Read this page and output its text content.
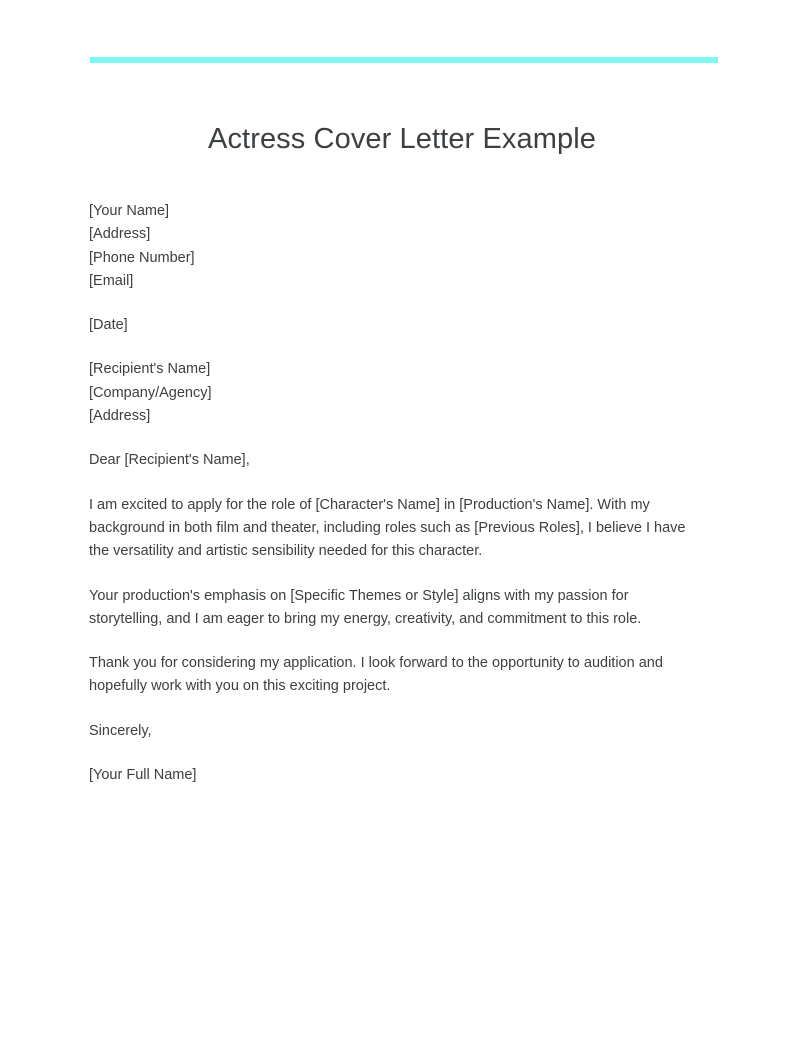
Actress Cover Letter Example
[Your Name]
[Address]
[Phone Number]
[Email]
[Date]
[Recipient's Name]
[Company/Agency]
[Address]

Dear [Recipient's Name],

I am excited to apply for the role of [Character's Name] in [Production's Name]. With my background in both film and theater, including roles such as [Previous Roles], I believe I have the versatility and artistic sensibility needed for this character.

Your production's emphasis on [Specific Themes or Style] aligns with my passion for storytelling, and I am eager to bring my energy, creativity, and commitment to this role.

Thank you for considering my application. I look forward to the opportunity to audition and hopefully work with you on this exciting project.

Sincerely,

[Your Full Name]
